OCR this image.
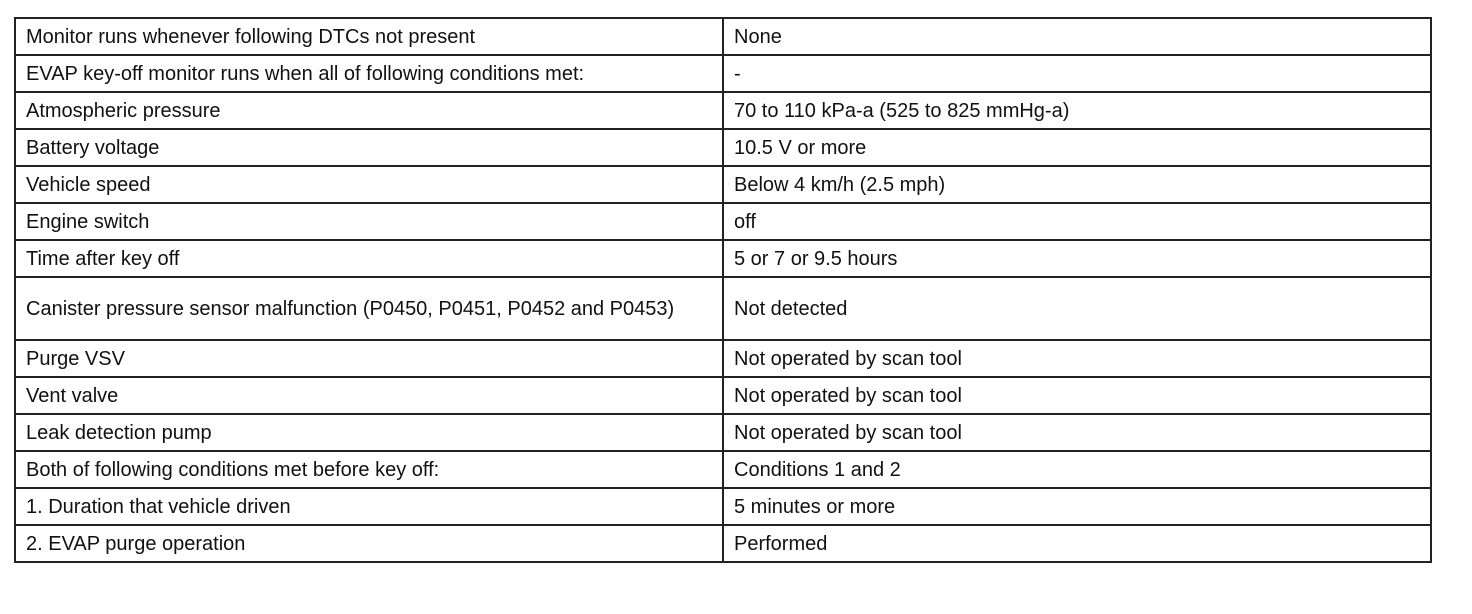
Monitor runs whenever following DTCs not present	None
EVAP key-off monitor runs when all of following conditions met:	-
Atmospheric pressure	70 to 110 kPa-a (525 to 825 mmHg-a)
Battery voltage	10.5 V or more
Vehicle speed	Below 4 km/h (2.5 mph)
Engine switch	off
Time after key off	5 or 7 or 9.5 hours
Canister pressure sensor malfunction (P0450, P0451, P0452 and P0453)	Not detected
Purge VSV	Not operated by scan tool
Vent valve	Not operated by scan tool
Leak detection pump	Not operated by scan tool
Both of following conditions met before key off:	Conditions 1 and 2
1. Duration that vehicle driven	5 minutes or more
2. EVAP purge operation	Performed
